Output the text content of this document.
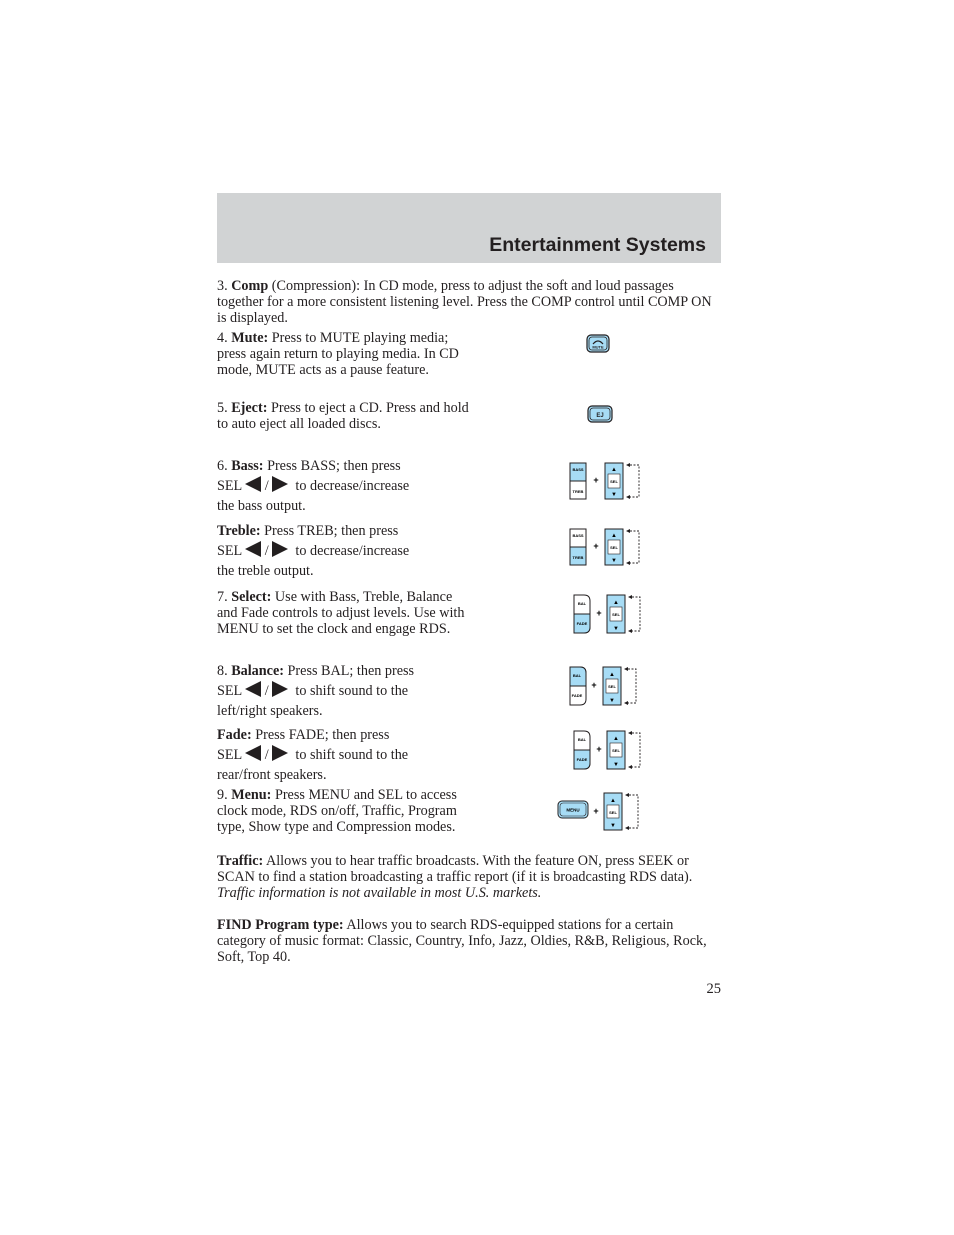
Entertainment Systems

3. Comp (Compression): In CD mode, press to adjust the soft and loud passages together for a more consistent listening level. Press the COMP control until COMP ON is displayed.

4. Mute: Press to MUTE playing media; press again return to playing media. In CD mode, MUTE acts as a pause feature.

5. Eject: Press to eject a CD. Press and hold to auto eject all loaded discs.

6. Bass: Press BASS; then press
SEL / to decrease/increase
the bass output.

Treble: Press TREB; then press
SEL / to decrease/increase
the treble output.

7. Select: Use with Bass, Treble, Balance and Fade controls to adjust levels. Use with MENU to set the clock and engage RDS.

8. Balance: Press BAL; then press
SEL / to shift sound to the
left/right speakers.

Fade: Press FADE; then press
SEL / to shift sound to the
rear/front speakers.

9. Menu: Press MENU and SEL to access clock mode, RDS on/off, Traffic, Program type, Show type and Compression modes.

Traffic: Allows you to hear traffic broadcasts. With the feature ON, press SEEK or SCAN to find a station broadcasting a traffic report (if it is broadcasting RDS data). Traffic information is not available in most U.S. markets.

FIND Program type: Allows you to search RDS-equipped stations for a certain category of music format: Classic, Country, Info, Jazz, Oldies, R&B, Religious, Rock, Soft, Top 40.

MUTE
EJ
BASS
TREB
+
▲
SEL
▼
BASS
TREB
+
▲
SEL
▼
BAL
FADE
+
▲
SEL
▼
BAL
FADE
+
▲
SEL
▼
BAL
FADE
+
▲
SEL
▼
MENU +
▲
SEL
▼
25
